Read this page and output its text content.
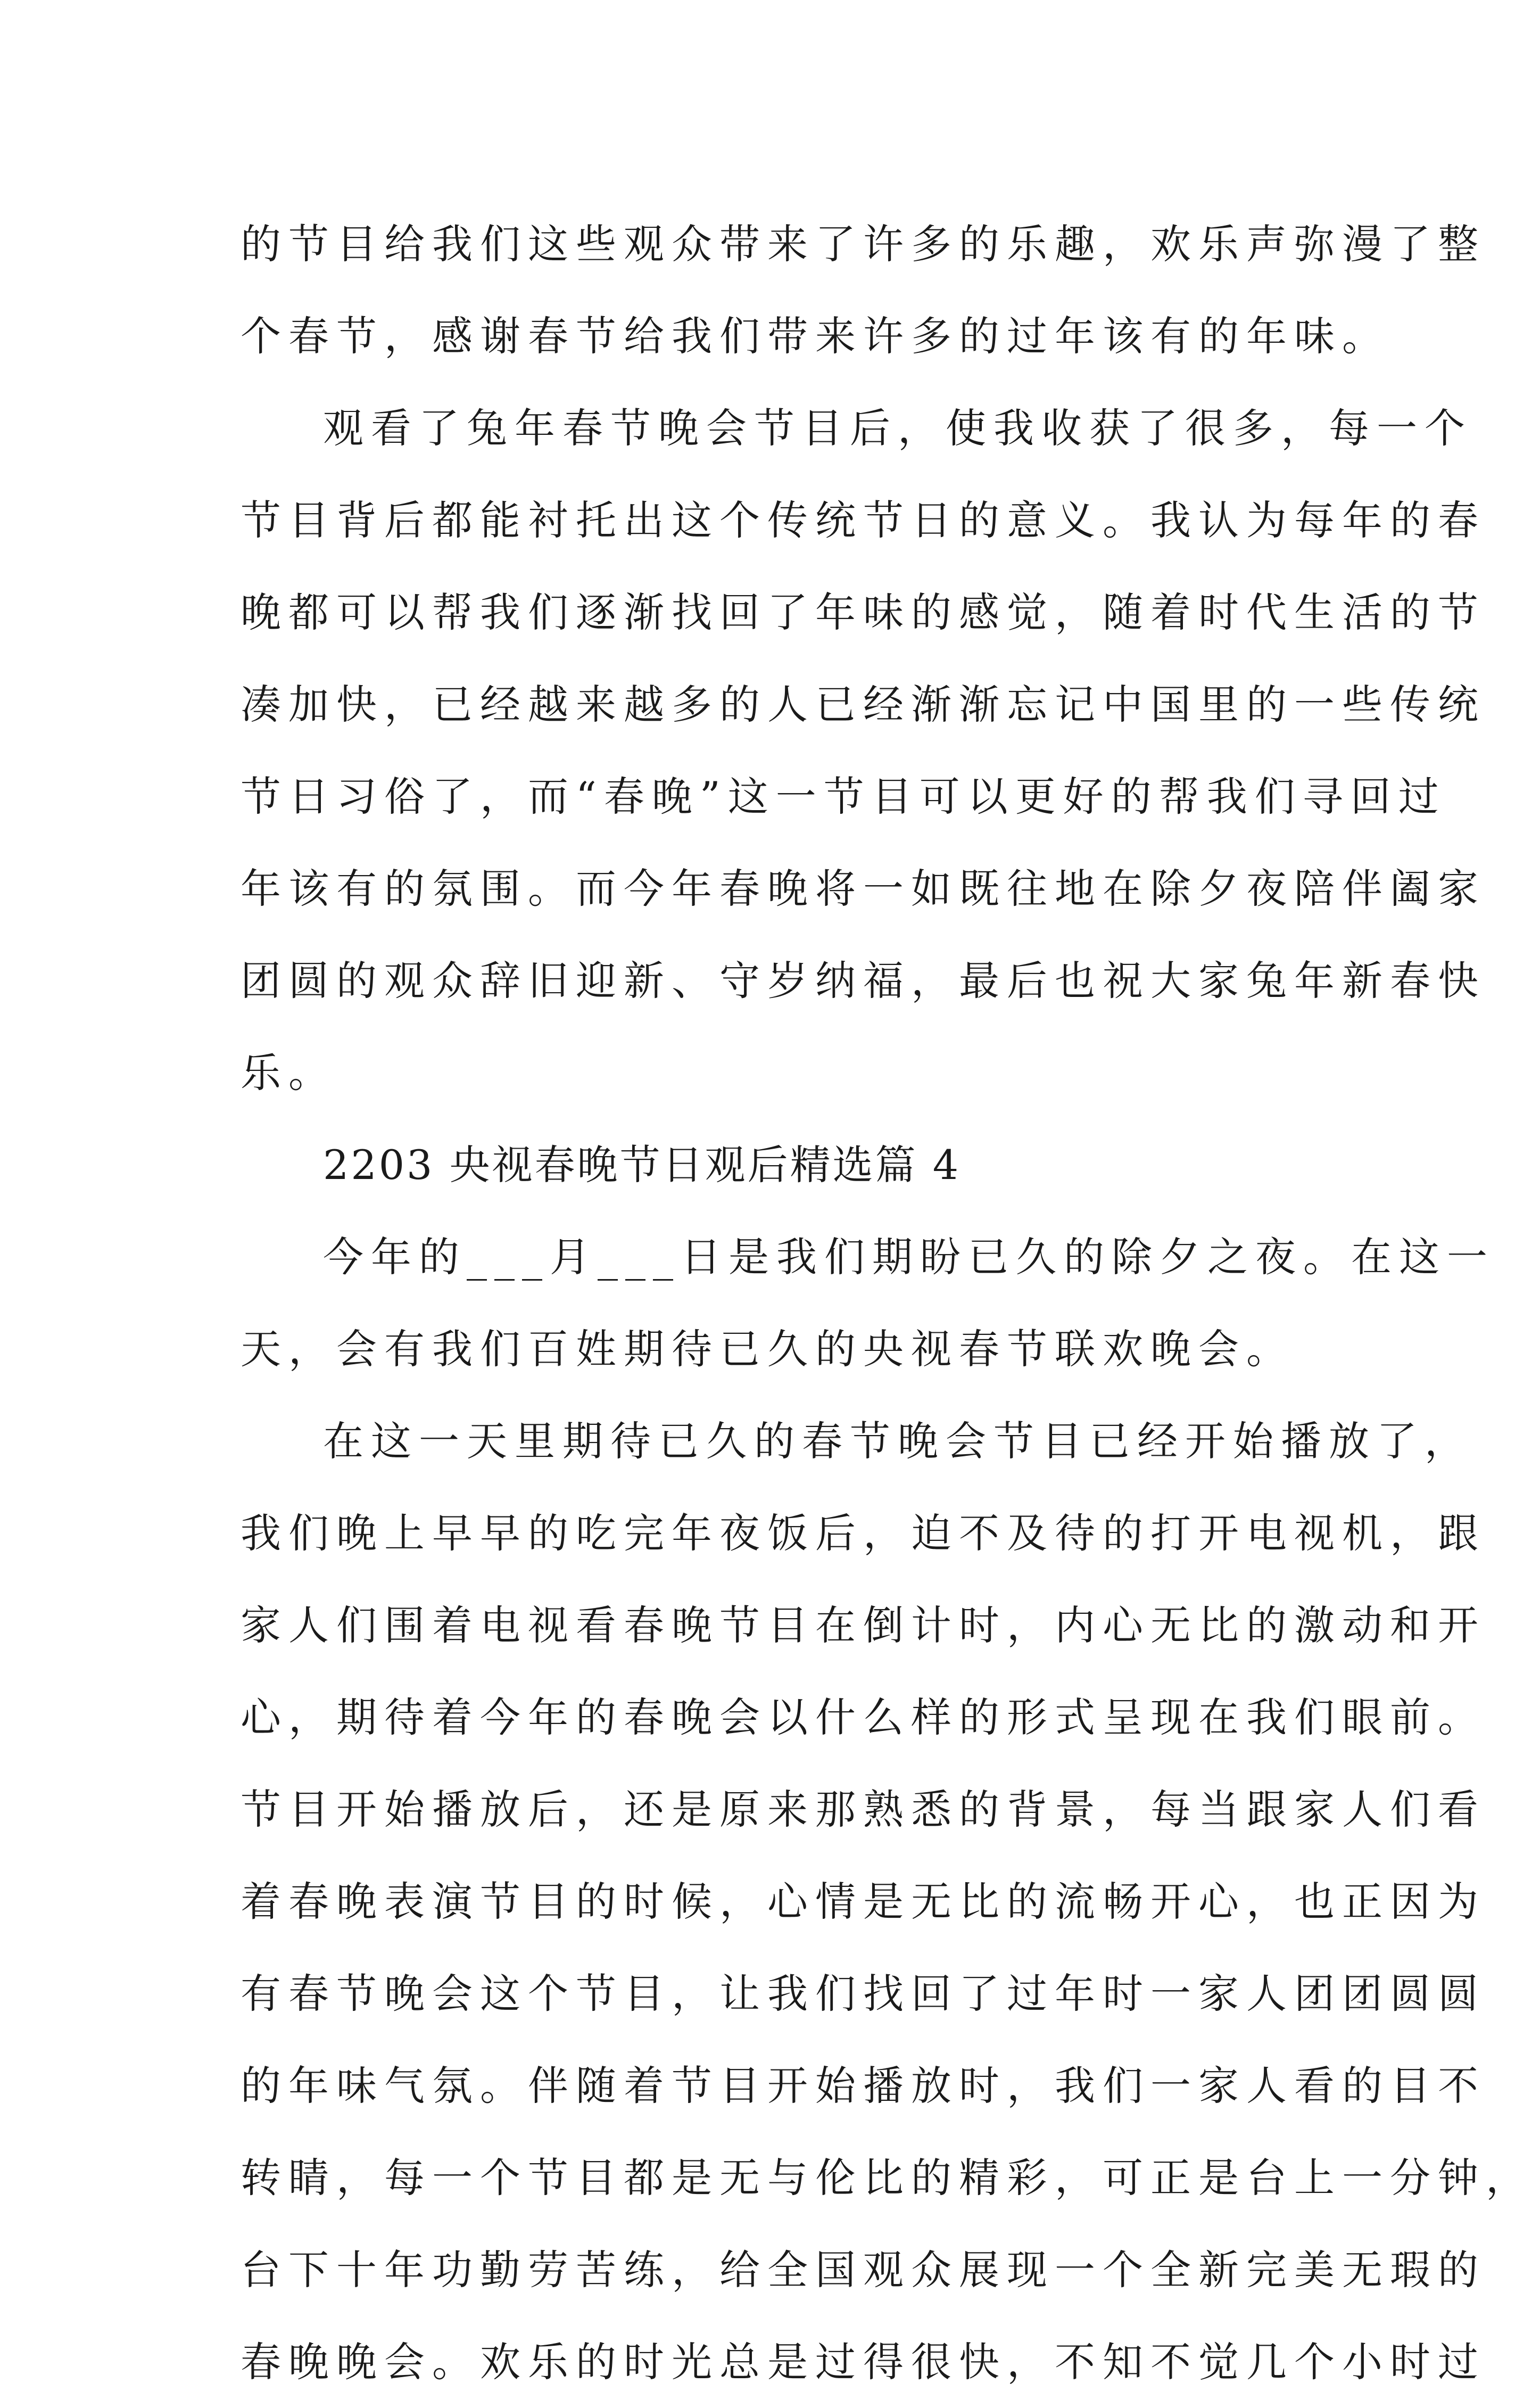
的节目给我们这些观众带来了许多的乐趣，欢乐声弥漫了整
个春节，感谢春节给我们带来许多的过年该有的年味。
观看了兔年春节晚会节目后，使我收获了很多，每一个
节目背后都能衬托出这个传统节日的意义。我认为每年的春
晚都可以帮我们逐渐找回了年味的感觉，随着时代生活的节
凑加快，已经越来越多的人已经渐渐忘记中国里的一些传统
节日习俗了，而“春晚”这一节目可以更好的帮我们寻回过
年该有的氛围。而今年春晚将一如既往地在除夕夜陪伴阖家
团圆的观众辞旧迎新、守岁纳福，最后也祝大家兔年新春快
乐。
2203 央视春晚节日观后精选篇 4
今年的___月___日是我们期盼已久的除夕之夜。在这一
天，会有我们百姓期待已久的央视春节联欢晚会。
在这一天里期待已久的春节晚会节目已经开始播放了，
我们晚上早早的吃完年夜饭后，迫不及待的打开电视机，跟
家人们围着电视看春晚节目在倒计时，内心无比的激动和开
心，期待着今年的春晚会以什么样的形式呈现在我们眼前。
节目开始播放后，还是原来那熟悉的背景，每当跟家人们看
着春晚表演节目的时候，心情是无比的流畅开心，也正因为
有春节晚会这个节目，让我们找回了过年时一家人团团圆圆
的年味气氛。伴随着节目开始播放时，我们一家人看的目不
转睛，每一个节目都是无与伦比的精彩，可正是台上一分钟，
台下十年功勤劳苦练，给全国观众展现一个全新完美无瑕的
春晚晚会。欢乐的时光总是过得很快，不知不觉几个小时过
